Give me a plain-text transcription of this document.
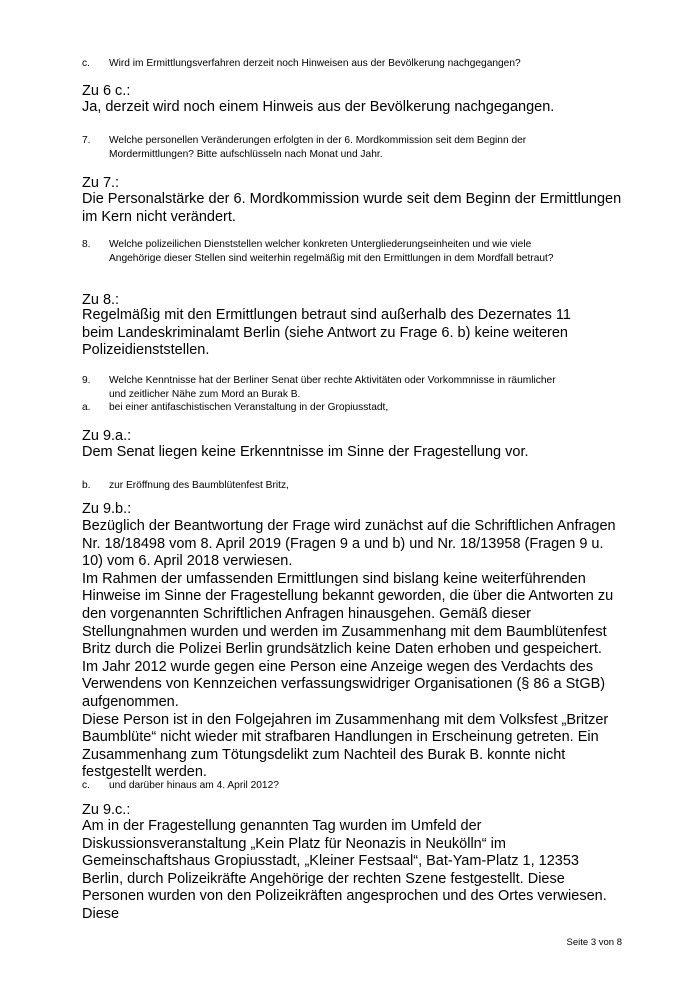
c. Wird im Ermittlungsverfahren derzeit noch Hinweisen aus der Bevölkerung nachgegangen?
Zu 6 c.:
Ja, derzeit wird noch einem Hinweis aus der Bevölkerung nachgegangen.
7. Welche personellen Veränderungen erfolgten in der 6. Mordkommission seit dem Beginn der Mordermittlungen? Bitte aufschlüsseln nach Monat und Jahr.
Zu 7.:
Die Personalstärke der 6. Mordkommission wurde seit dem Beginn der Ermittlungen im Kern nicht verändert.
8. Welche polizeilichen Dienststellen welcher konkreten Untergliederungseinheiten und wie viele Angehörige dieser Stellen sind weiterhin regelmäßig mit den Ermittlungen in dem Mordfall betraut?
Zu 8.:
Regelmäßig mit den Ermittlungen betraut sind außerhalb des Dezernates 11 beim Landeskriminalamt Berlin (siehe Antwort zu Frage 6. b) keine weiteren Polizeidienststellen.
9. Welche Kenntnisse hat der Berliner Senat über rechte Aktivitäten oder Vorkommnisse in räumlicher und zeitlicher Nähe zum Mord an Burak B.
a. bei einer antifaschistischen Veranstaltung in der Gropiusstadt,
Zu 9.a.:
Dem Senat liegen keine Erkenntnisse im Sinne der Fragestellung vor.
b. zur Eröffnung des Baumblütenfest Britz,
Zu 9.b.:

Bezüglich der Beantwortung der Frage wird zunächst auf die Schriftlichen Anfragen Nr. 18/18498 vom 8. April 2019 (Fragen 9 a und b) und Nr. 18/13958 (Fragen 9 u. 10) vom 6. April 2018 verwiesen.

Im Rahmen der umfassenden Ermittlungen sind bislang keine weiterführenden Hinweise im Sinne der Fragestellung bekannt geworden, die über die Antworten zu den vorgenannten Schriftlichen Anfragen hinausgehen. Gemäß dieser Stellungnahmen wurden und werden im Zusammenhang mit dem Baumblütenfest Britz durch die Polizei Berlin grundsätzlich keine Daten erhoben und gespeichert. Im Jahr 2012 wurde gegen eine Person eine Anzeige wegen des Verdachts des Verwendens von Kennzeichen verfassungswidriger Organisationen (§ 86 a StGB) aufgenommen.

Diese Person ist in den Folgejahren im Zusammenhang mit dem Volksfest „Britzer Baumblüte“ nicht wieder mit strafbaren Handlungen in Erscheinung getreten. Ein Zusammenhang zum Tötungsdelikt zum Nachteil des Burak B. konnte nicht festgestellt werden.

c. und darüber hinaus am 4. April 2012?
Zu 9.c.:
Am in der Fragestellung genannten Tag wurden im Umfeld der Diskussionsveranstaltung „Kein Platz für Neonazis in Neukölln“ im Gemeinschaftshaus Gropiusstadt, „Kleiner Festsaal“, Bat-Yam-Platz 1, 12353 Berlin, durch Polizeikräfte Angehörige der rechten Szene festgestellt. Diese Personen wurden von den Polizeikräften angesprochen und des Ortes verwiesen. Diese
Seite 3 von 8
